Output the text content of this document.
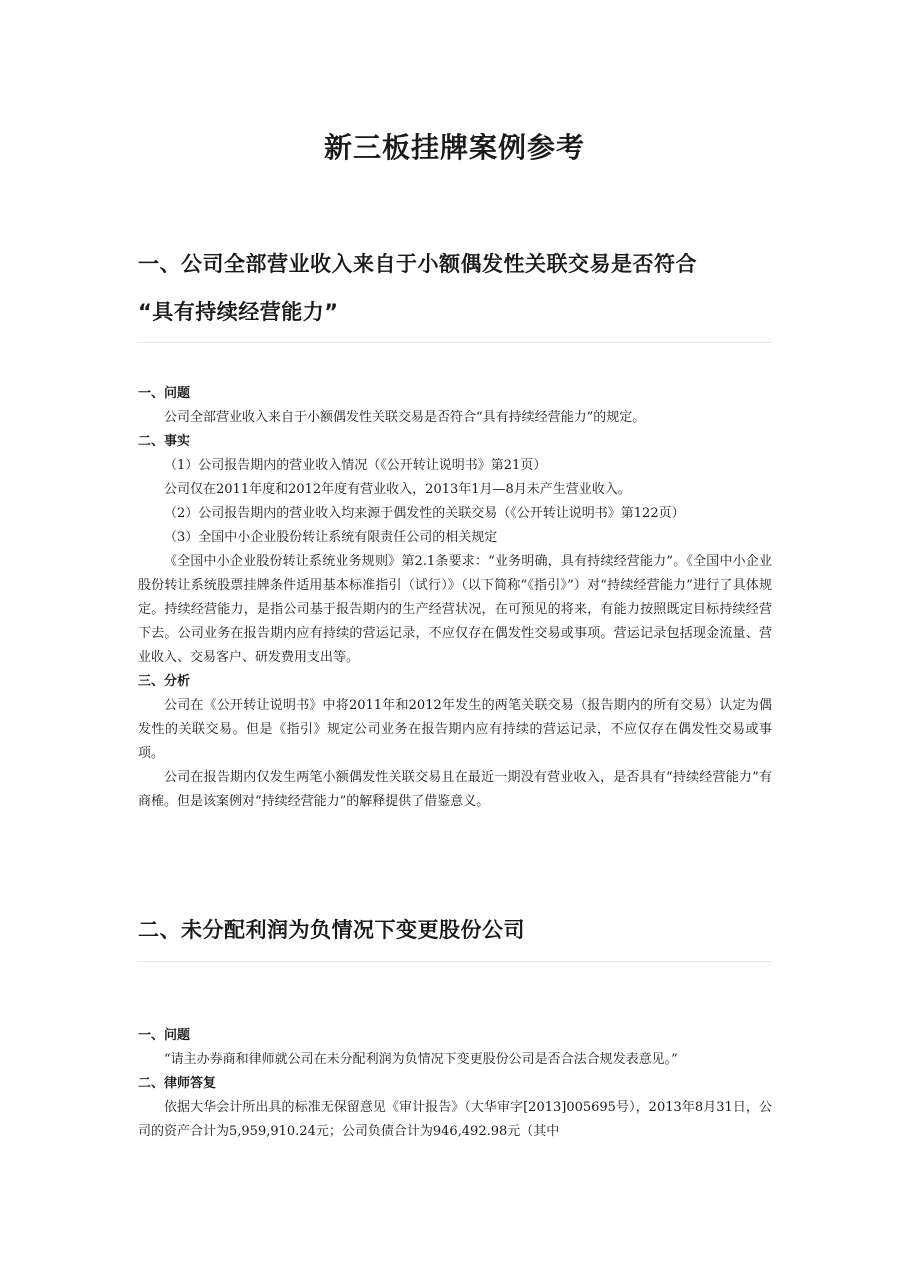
新三板挂牌案例参考
一、公司全部营业收入来自于小额偶发性关联交易是否符合
“具有持续经营能力”
一、问题

公司全部营业收入来自于小额偶发性关联交易是否符合“具有持续经营能力”的规定。

二、事实

（1）公司报告期内的营业收入情况（《公开转让说明书》第21页）

公司仅在2011年度和2012年度有营业收入，2013年1月—8月未产生营业收入。

（2）公司报告期内的营业收入均来源于偶发性的关联交易（《公开转让说明书》第122页）

（3）全国中小企业股份转让系统有限责任公司的相关规定

《全国中小企业股份转让系统业务规则》第2.1条要求：“业务明确，具有持续经营能力”。《全国中小企业股份转让系统股票挂牌条件适用基本标准指引（试行）》（以下简称“《指引》”）对“持续经营能力”进行了具体规定。持续经营能力，是指公司基于报告期内的生产经营状况，在可预见的将来，有能力按照既定目标持续经营下去。公司业务在报告期内应有持续的营运记录，不应仅存在偶发性交易或事项。营运记录包括现金流量、营业收入、交易客户、研发费用支出等。

三、分析

公司在《公开转让说明书》中将2011年和2012年发生的两笔关联交易（报告期内的所有交易）认定为偶发性的关联交易。但是《指引》规定公司业务在报告期内应有持续的营运记录，不应仅存在偶发性交易或事项。

公司在报告期内仅发生两笔小额偶发性关联交易且在最近一期没有营业收入，是否具有“持续经营能力”有商榷。但是该案例对“持续经营能力”的解释提供了借鉴意义。

二、未分配利润为负情况下变更股份公司
一、问题

“请主办券商和律师就公司在未分配利润为负情况下变更股份公司是否合法合规发表意见。”

二、律师答复

依据大华会计所出具的标准无保留意见《审计报告》（大华审字[2013]005695号），2013年8月31日，公司的资产合计为5,959,910.24元；公司负债合计为946,492.98元（其中
